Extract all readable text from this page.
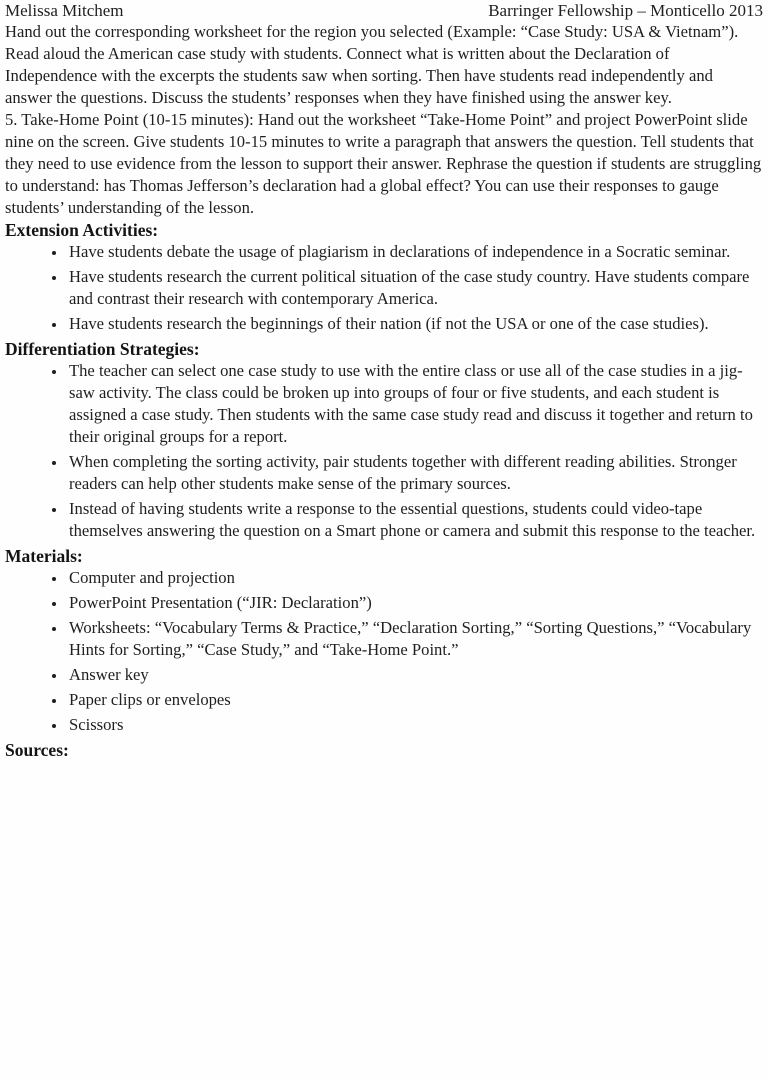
Melissa Mitchem	Barringer Fellowship – Monticello 2013

Hand out the corresponding worksheet for the region you selected (Example: “Case Study: USA & Vietnam”). Read aloud the American case study with students. Connect what is written about the Declaration of Independence with the excerpts the students saw when sorting. Then have students read independently and answer the questions. Discuss the students’ responses when they have finished using the answer key.

5. Take-Home Point (10-15 minutes): Hand out the worksheet “Take-Home Point” and project PowerPoint slide nine on the screen. Give students 10-15 minutes to write a paragraph that answers the question. Tell students that they need to use evidence from the lesson to support their answer. Rephrase the question if students are struggling to understand: has Thomas Jefferson’s declaration had a global effect? You can use their responses to gauge students’ understanding of the lesson.

Extension Activities:
• Have students debate the usage of plagiarism in declarations of independence in a Socratic seminar.
• Have students research the current political situation of the case study country. Have students compare and contrast their research with contemporary America.
• Have students research the beginnings of their nation (if not the USA or one of the case studies).
Differentiation Strategies:
• The teacher can select one case study to use with the entire class or use all of the case studies in a jig-saw activity. The class could be broken up into groups of four or five students, and each student is assigned a case study. Then students with the same case study read and discuss it together and return to their original groups for a report.
• When completing the sorting activity, pair students together with different reading abilities. Stronger readers can help other students make sense of the primary sources.
• Instead of having students write a response to the essential questions, students could video-tape themselves answering the question on a Smart phone or camera and submit this response to the teacher.
Materials:
• Computer and projection
• PowerPoint Presentation (“JIR: Declaration”)
• Worksheets: “Vocabulary Terms & Practice,” “Declaration Sorting,” “Sorting Questions,” “Vocabulary Hints for Sorting,” “Case Study,” and “Take-Home Point.”
• Answer key
• Paper clips or envelopes
• Scissors
Sources:
